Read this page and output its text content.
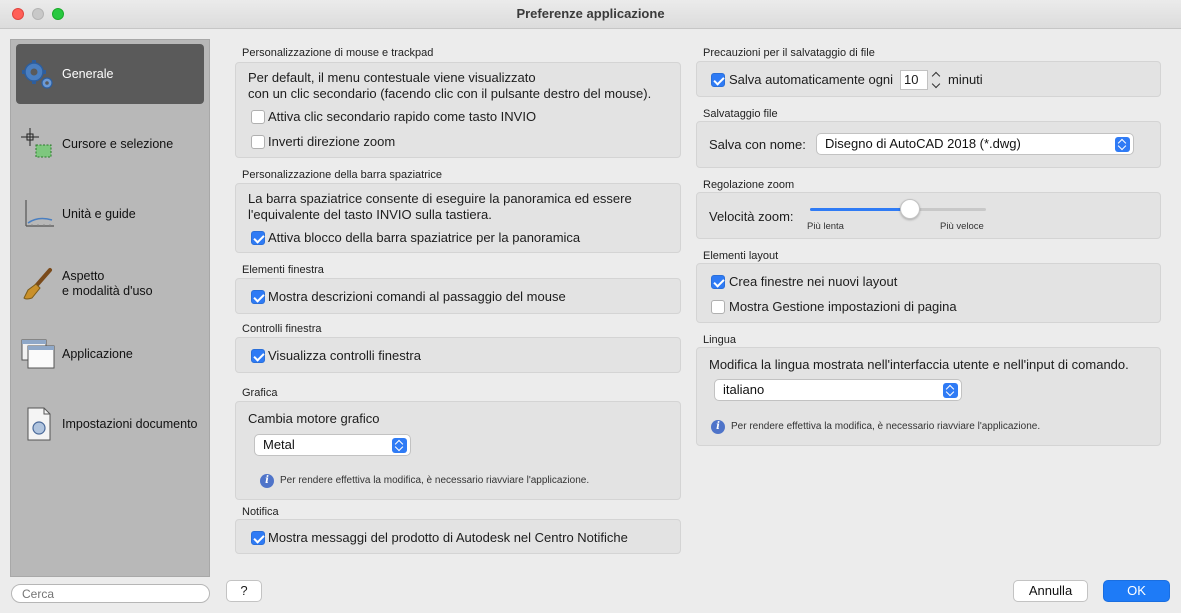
Preferenze applicazione
Generale
Cursore e selezione
Unità e guide
Aspetto
e modalità d'uso
Applicazione
Impostazioni documento
Cerca
Personalizzazione di mouse e trackpad
Per default, il menu contestuale viene visualizzato
con un clic secondario (facendo clic con il pulsante destro del mouse).
Attiva clic secondario rapido come tasto INVIO
Inverti direzione zoom
Personalizzazione della barra spaziatrice
La barra spaziatrice consente di eseguire la panoramica ed essere
l'equivalente del tasto INVIO sulla tastiera.
Attiva blocco della barra spaziatrice per la panoramica
Elementi finestra
Mostra descrizioni comandi al passaggio del mouse
Controlli finestra
Visualizza controlli finestra
Grafica
Cambia motore grafico
Metal
i	Per rendere effettiva la modifica, è necessario riavviare l'applicazione.
Notifica
Mostra messaggi del prodotto di Autodesk nel Centro Notifiche
Precauzioni per il salvataggio di file
Salva automaticamente ogni 10	minuti
Salvataggio file
Salva con nome:	Disegno di AutoCAD 2018 (*.dwg)
Regolazione zoom
Velocità zoom:
Più lenta	Più veloce
Elementi layout
Crea finestre nei nuovi layout
Mostra Gestione impostazioni di pagina
Lingua
Modifica la lingua mostrata nell'interfaccia utente e nell'input di comando.
italiano
i	Per rendere effettiva la modifica, è necessario riavviare l'applicazione.
?	Annulla	OK
